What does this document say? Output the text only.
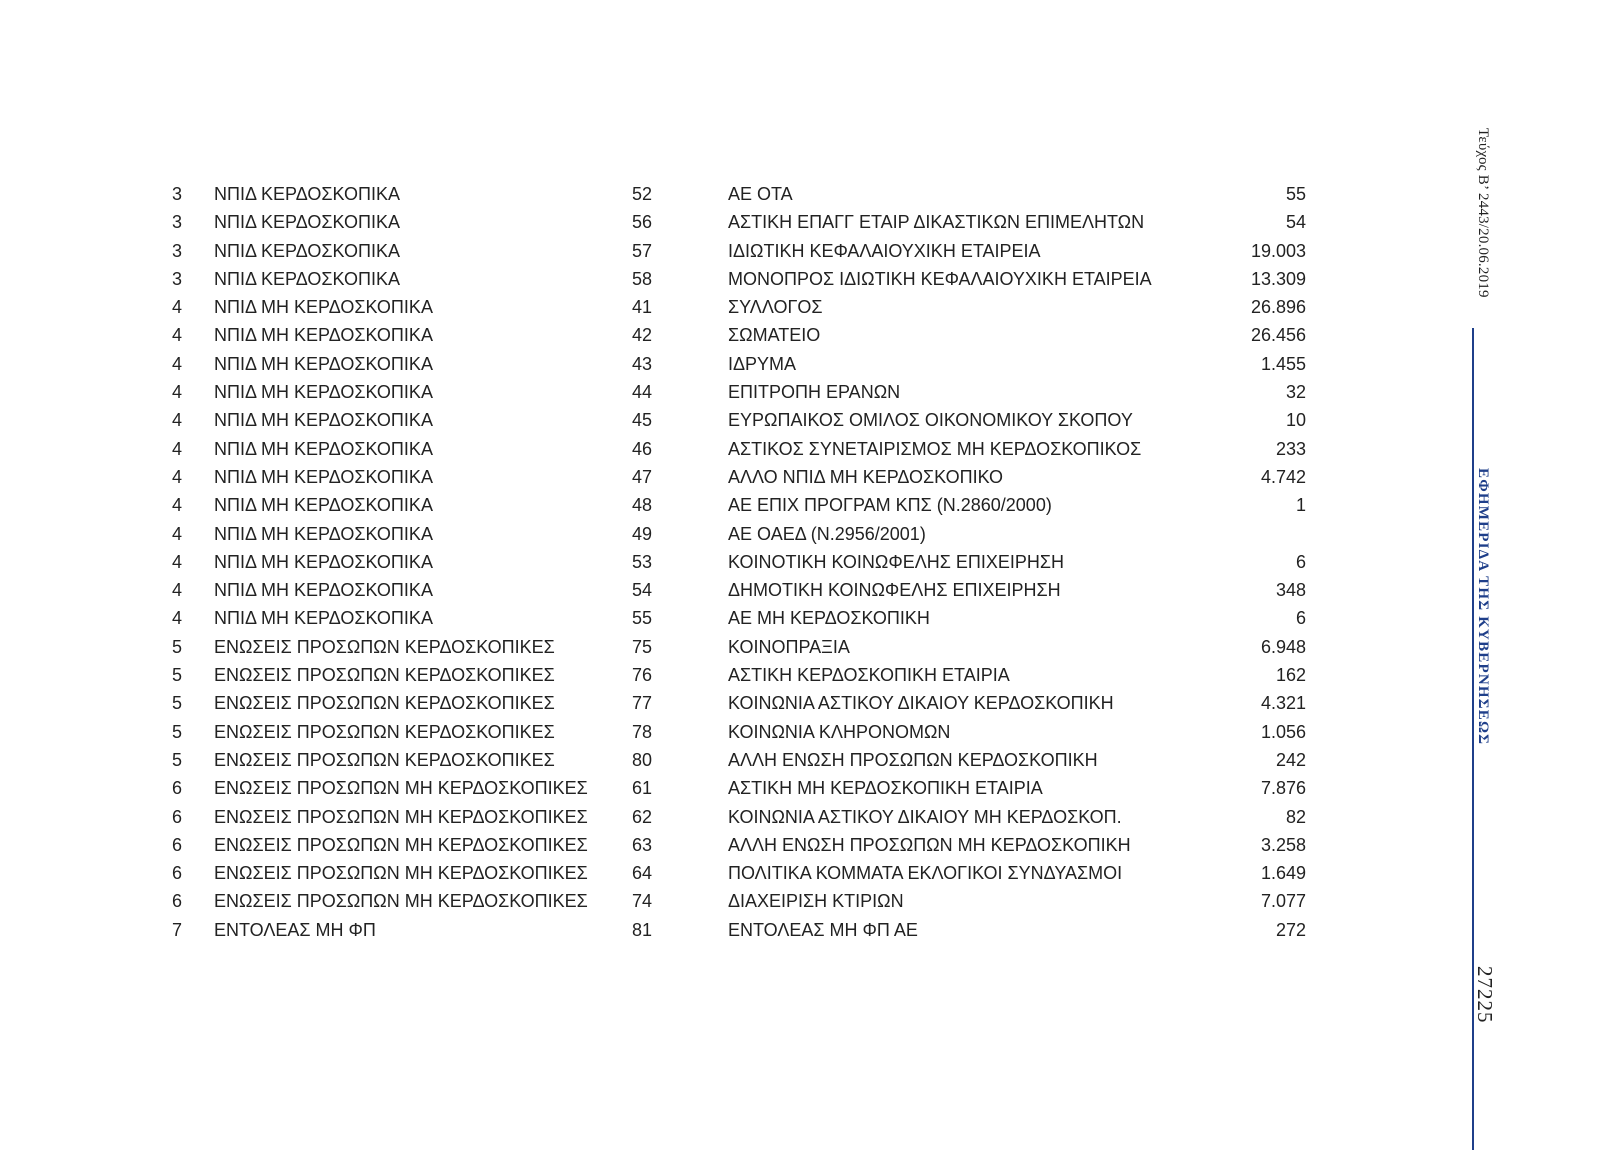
3 ΝΠΙΔ ΚΕΡΔΟΣΚΟΠΙΚΑ	52	ΑΕ ΟΤΑ	55
3 ΝΠΙΔ ΚΕΡΔΟΣΚΟΠΙΚΑ	56	ΑΣΤΙΚΗ ΕΠΑΓΓ ΕΤΑΙΡ ΔΙΚΑΣΤΙΚΩΝ ΕΠΙΜΕΛΗΤΩΝ	54
3 ΝΠΙΔ ΚΕΡΔΟΣΚΟΠΙΚΑ	57	ΙΔΙΩΤΙΚΗ ΚΕΦΑΛΑΙΟΥΧΙΚΗ ΕΤΑΙΡΕΙΑ	19.003
3 ΝΠΙΔ ΚΕΡΔΟΣΚΟΠΙΚΑ	58	ΜΟΝΟΠΡΟΣ ΙΔΙΩΤΙΚΗ ΚΕΦΑΛΑΙΟΥΧΙΚΗ ΕΤΑΙΡΕΙΑ	13.309
4 ΝΠΙΔ ΜΗ ΚΕΡΔΟΣΚΟΠΙΚΑ	41	ΣΥΛΛΟΓΟΣ	26.896
4 ΝΠΙΔ ΜΗ ΚΕΡΔΟΣΚΟΠΙΚΑ	42	ΣΩΜΑΤΕΙΟ	26.456
4 ΝΠΙΔ ΜΗ ΚΕΡΔΟΣΚΟΠΙΚΑ	43	ΙΔΡΥΜΑ	1.455
4 ΝΠΙΔ ΜΗ ΚΕΡΔΟΣΚΟΠΙΚΑ	44	ΕΠΙΤΡΟΠΗ ΕΡΑΝΩΝ	32
4 ΝΠΙΔ ΜΗ ΚΕΡΔΟΣΚΟΠΙΚΑ	45	ΕΥΡΩΠΑΙΚΟΣ ΟΜΙΛΟΣ ΟΙΚΟΝΟΜΙΚΟΥ ΣΚΟΠΟΥ	10
4 ΝΠΙΔ ΜΗ ΚΕΡΔΟΣΚΟΠΙΚΑ	46	ΑΣΤΙΚΟΣ ΣΥΝΕΤΑΙΡΙΣΜΟΣ ΜΗ ΚΕΡΔΟΣΚΟΠΙΚΟΣ	233
4 ΝΠΙΔ ΜΗ ΚΕΡΔΟΣΚΟΠΙΚΑ	47	ΑΛΛΟ ΝΠΙΔ ΜΗ ΚΕΡΔΟΣΚΟΠΙΚΟ	4.742
4 ΝΠΙΔ ΜΗ ΚΕΡΔΟΣΚΟΠΙΚΑ	48	ΑΕ ΕΠΙΧ ΠΡΟΓΡΑΜ ΚΠΣ (Ν.2860/2000)	1
4 ΝΠΙΔ ΜΗ ΚΕΡΔΟΣΚΟΠΙΚΑ	49	ΑΕ ΟΑΕΔ (Ν.2956/2001)
4 ΝΠΙΔ ΜΗ ΚΕΡΔΟΣΚΟΠΙΚΑ	53	ΚΟΙΝΟΤΙΚΗ ΚΟΙΝΩΦΕΛΗΣ ΕΠΙΧΕΙΡΗΣΗ	6
4 ΝΠΙΔ ΜΗ ΚΕΡΔΟΣΚΟΠΙΚΑ	54	ΔΗΜΟΤΙΚΗ ΚΟΙΝΩΦΕΛΗΣ ΕΠΙΧΕΙΡΗΣΗ	348
4 ΝΠΙΔ ΜΗ ΚΕΡΔΟΣΚΟΠΙΚΑ	55	ΑΕ ΜΗ ΚΕΡΔΟΣΚΟΠΙΚΗ	6
5 ΕΝΩΣΕΙΣ ΠΡΟΣΩΠΩΝ ΚΕΡΔΟΣΚΟΠΙΚΕΣ	75	ΚΟΙΝΟΠΡΑΞΙΑ	6.948
5 ΕΝΩΣΕΙΣ ΠΡΟΣΩΠΩΝ ΚΕΡΔΟΣΚΟΠΙΚΕΣ	76	ΑΣΤΙΚΗ ΚΕΡΔΟΣΚΟΠΙΚΗ ΕΤΑΙΡΙΑ	162
5 ΕΝΩΣΕΙΣ ΠΡΟΣΩΠΩΝ ΚΕΡΔΟΣΚΟΠΙΚΕΣ	77	ΚΟΙΝΩΝΙΑ ΑΣΤΙΚΟΥ ΔΙΚΑΙΟΥ ΚΕΡΔΟΣΚΟΠΙΚΗ	4.321
5 ΕΝΩΣΕΙΣ ΠΡΟΣΩΠΩΝ ΚΕΡΔΟΣΚΟΠΙΚΕΣ	78	ΚΟΙΝΩΝΙΑ ΚΛΗΡΟΝΟΜΩΝ	1.056
5 ΕΝΩΣΕΙΣ ΠΡΟΣΩΠΩΝ ΚΕΡΔΟΣΚΟΠΙΚΕΣ	80	ΑΛΛΗ ΕΝΩΣΗ ΠΡΟΣΩΠΩΝ ΚΕΡΔΟΣΚΟΠΙΚΗ	242
6 ΕΝΩΣΕΙΣ ΠΡΟΣΩΠΩΝ ΜΗ ΚΕΡΔΟΣΚΟΠΙΚΕΣ	61	ΑΣΤΙΚΗ ΜΗ ΚΕΡΔΟΣΚΟΠΙΚΗ ΕΤΑΙΡΙΑ	7.876
6 ΕΝΩΣΕΙΣ ΠΡΟΣΩΠΩΝ ΜΗ ΚΕΡΔΟΣΚΟΠΙΚΕΣ	62	ΚΟΙΝΩΝΙΑ ΑΣΤΙΚΟΥ ΔΙΚΑΙΟΥ ΜΗ ΚΕΡΔΟΣΚΟΠ.	82
6 ΕΝΩΣΕΙΣ ΠΡΟΣΩΠΩΝ ΜΗ ΚΕΡΔΟΣΚΟΠΙΚΕΣ	63	ΑΛΛΗ ΕΝΩΣΗ ΠΡΟΣΩΠΩΝ ΜΗ ΚΕΡΔΟΣΚΟΠΙΚΗ	3.258
6 ΕΝΩΣΕΙΣ ΠΡΟΣΩΠΩΝ ΜΗ ΚΕΡΔΟΣΚΟΠΙΚΕΣ	64	ΠΟΛΙΤΙΚΑ ΚΟΜΜΑΤΑ ΕΚΛΟΓΙΚΟΙ ΣΥΝΔΥΑΣΜΟΙ	1.649
6 ΕΝΩΣΕΙΣ ΠΡΟΣΩΠΩΝ ΜΗ ΚΕΡΔΟΣΚΟΠΙΚΕΣ	74	ΔΙΑΧΕΙΡΙΣΗ ΚΤΙΡΙΩΝ	7.077
7 ΕΝΤΟΛΕΑΣ ΜΗ ΦΠ	81	ΕΝΤΟΛΕΑΣ ΜΗ ΦΠ ΑΕ	272
Τεύχος Β’ 2443/20.06.2019
ΕΦΗΜΕΡΙΔΑ ΤΗΣ ΚΥΒΕΡΝΗΣΕΩΣ
27225
